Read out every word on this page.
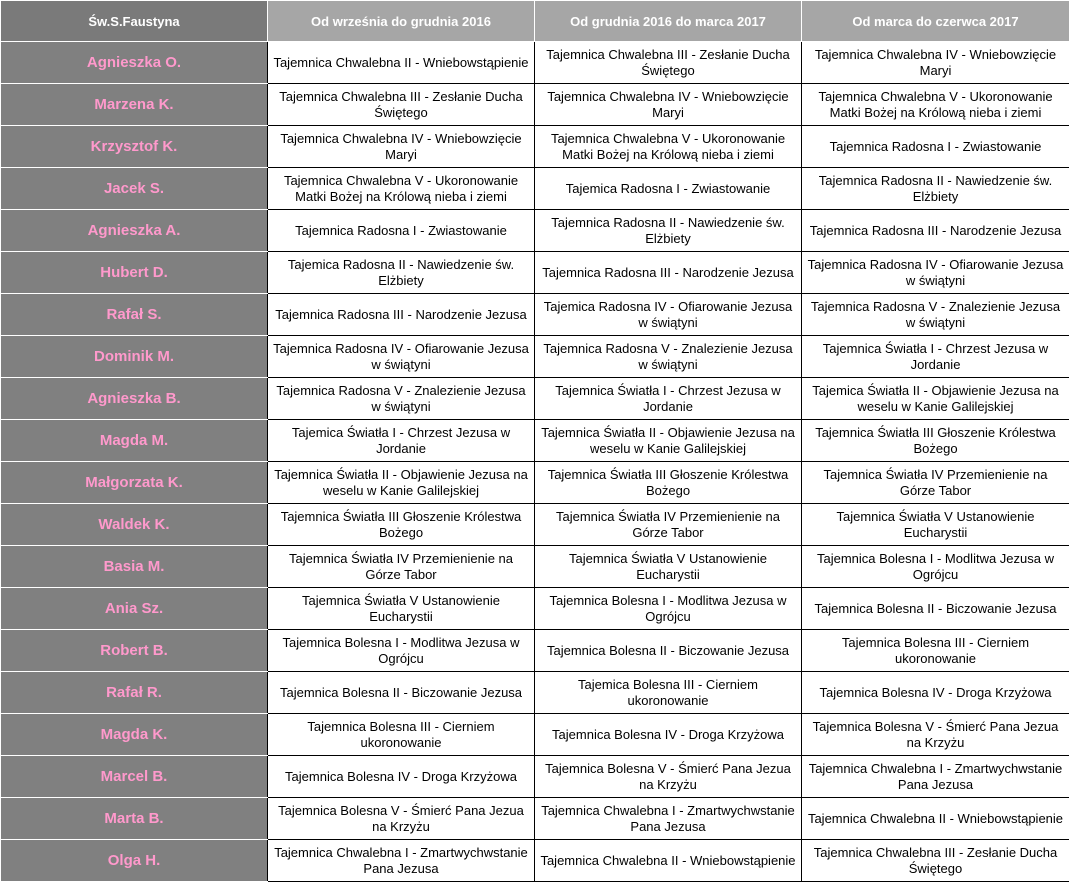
Św.S.Faustyna	Od września do grudnia 2016	Od grudnia 2016 do marca 2017	Od marca do czerwca 2017
Agnieszka O.	Tajemnica Chwalebna II - Wniebowstąpienie	Tajemnica Chwalebna III - Zesłanie Ducha Świętego	Tajemnica Chwalebna IV - Wniebowzięcie Maryi
Marzena K.	Tajemnica Chwalebna III - Zesłanie Ducha Świętego	Tajemnica Chwalebna IV - Wniebowzięcie Maryi	Tajemnica Chwalebna V - Ukoronowanie Matki Bożej na Królową nieba i ziemi
Krzysztof K.	Tajemnica Chwalebna IV - Wniebowzięcie Maryi	Tajemnica Chwalebna V - Ukoronowanie Matki Bożej na Królową nieba i ziemi	Tajemnica Radosna I - Zwiastowanie
Jacek S.	Tajemnica Chwalebna V - Ukoronowanie Matki Bożej na Królową nieba i ziemi	Tajemica Radosna I - Zwiastowanie	Tajemnica Radosna II - Nawiedzenie św. Elżbiety
Agnieszka A.	Tajemnica Radosna I - Zwiastowanie	Tajemnica Radosna II - Nawiedzenie św. Elżbiety	Tajemnica Radosna III - Narodzenie Jezusa
Hubert D.	Tajemica Radosna II - Nawiedzenie św. Elżbiety	Tajemnica Radosna III - Narodzenie Jezusa	Tajemnica Radosna IV - Ofiarowanie Jezusa w świątyni
Rafał S.	Tajemnica Radosna III - Narodzenie Jezusa	Tajemica Radosna IV - Ofiarowanie Jezusa w świątyni	Tajemnica Radosna V - Znalezienie Jezusa w świątyni
Dominik M.	Tajemnica Radosna IV - Ofiarowanie Jezusa w świątyni	Tajemnica Radosna V - Znalezienie Jezusa w świątyni	Tajemnica Światła I - Chrzest Jezusa w Jordanie
Agnieszka B.	Tajemnica Radosna V - Znalezienie Jezusa w świątyni	Tajemnica Światła I - Chrzest Jezusa w Jordanie	Tajemica Światła II - Objawienie Jezusa na weselu w Kanie Galilejskiej
Magda M.	Tajemica Światła I - Chrzest Jezusa w Jordanie	Tajemnica Światła II - Objawienie Jezusa na weselu w Kanie Galilejskiej	Tajemnica Światła III Głoszenie Królestwa Bożego
Małgorzata K.	Tajemnica Światła II - Objawienie Jezusa na weselu w Kanie Galilejskiej	Tajemnica Światła III Głoszenie Królestwa Bożego	Tajemnica Światła IV Przemienienie na Górze Tabor
Waldek K.	Tajemnica Światła III Głoszenie Królestwa Bożego	Tajemnica Światła IV Przemienienie na Górze Tabor	Tajemnica Światła V Ustanowienie Eucharystii
Basia M.	Tajemnica Światła IV Przemienienie na Górze Tabor	Tajemnica Światła V Ustanowienie Eucharystii	Tajemnica Bolesna I - Modlitwa Jezusa w Ogrójcu
Ania Sz.	Tajemnica Światła V Ustanowienie Eucharystii	Tajemnica Bolesna I - Modlitwa Jezusa w Ogrójcu	Tajemnica Bolesna II - Biczowanie Jezusa
Robert B.	Tajemnica Bolesna I - Modlitwa Jezusa w Ogrójcu	Tajemnica Bolesna II - Biczowanie Jezusa	Tajemnica Bolesna III - Cierniem ukoronowanie
Rafał R.	Tajemnica Bolesna II - Biczowanie Jezusa	Tajemica Bolesna III - Cierniem ukoronowanie	Tajemnica Bolesna IV - Droga Krzyżowa
Magda K.	Tajemnica Bolesna III - Cierniem ukoronowanie	Tajemnica Bolesna IV - Droga Krzyżowa	Tajemnica Bolesna V - Śmierć Pana Jezua na Krzyżu
Marcel B.	Tajemnica Bolesna IV - Droga Krzyżowa	Tajemnica Bolesna V - Śmierć Pana Jezua na Krzyżu	Tajemnica Chwalebna I - Zmartwychwstanie Pana Jezusa
Marta B.	Tajemnica Bolesna V - Śmierć Pana Jezua na Krzyżu	Tajemnica Chwalebna I - Zmartwychwstanie Pana Jezusa	Tajemnica Chwalebna II - Wniebowstąpienie
Olga H.	Tajemnica Chwalebna I - Zmartwychwstanie Pana Jezusa	Tajemnica Chwalebna II - Wniebowstąpienie	Tajemnica Chwalebna III - Zesłanie Ducha Świętego
